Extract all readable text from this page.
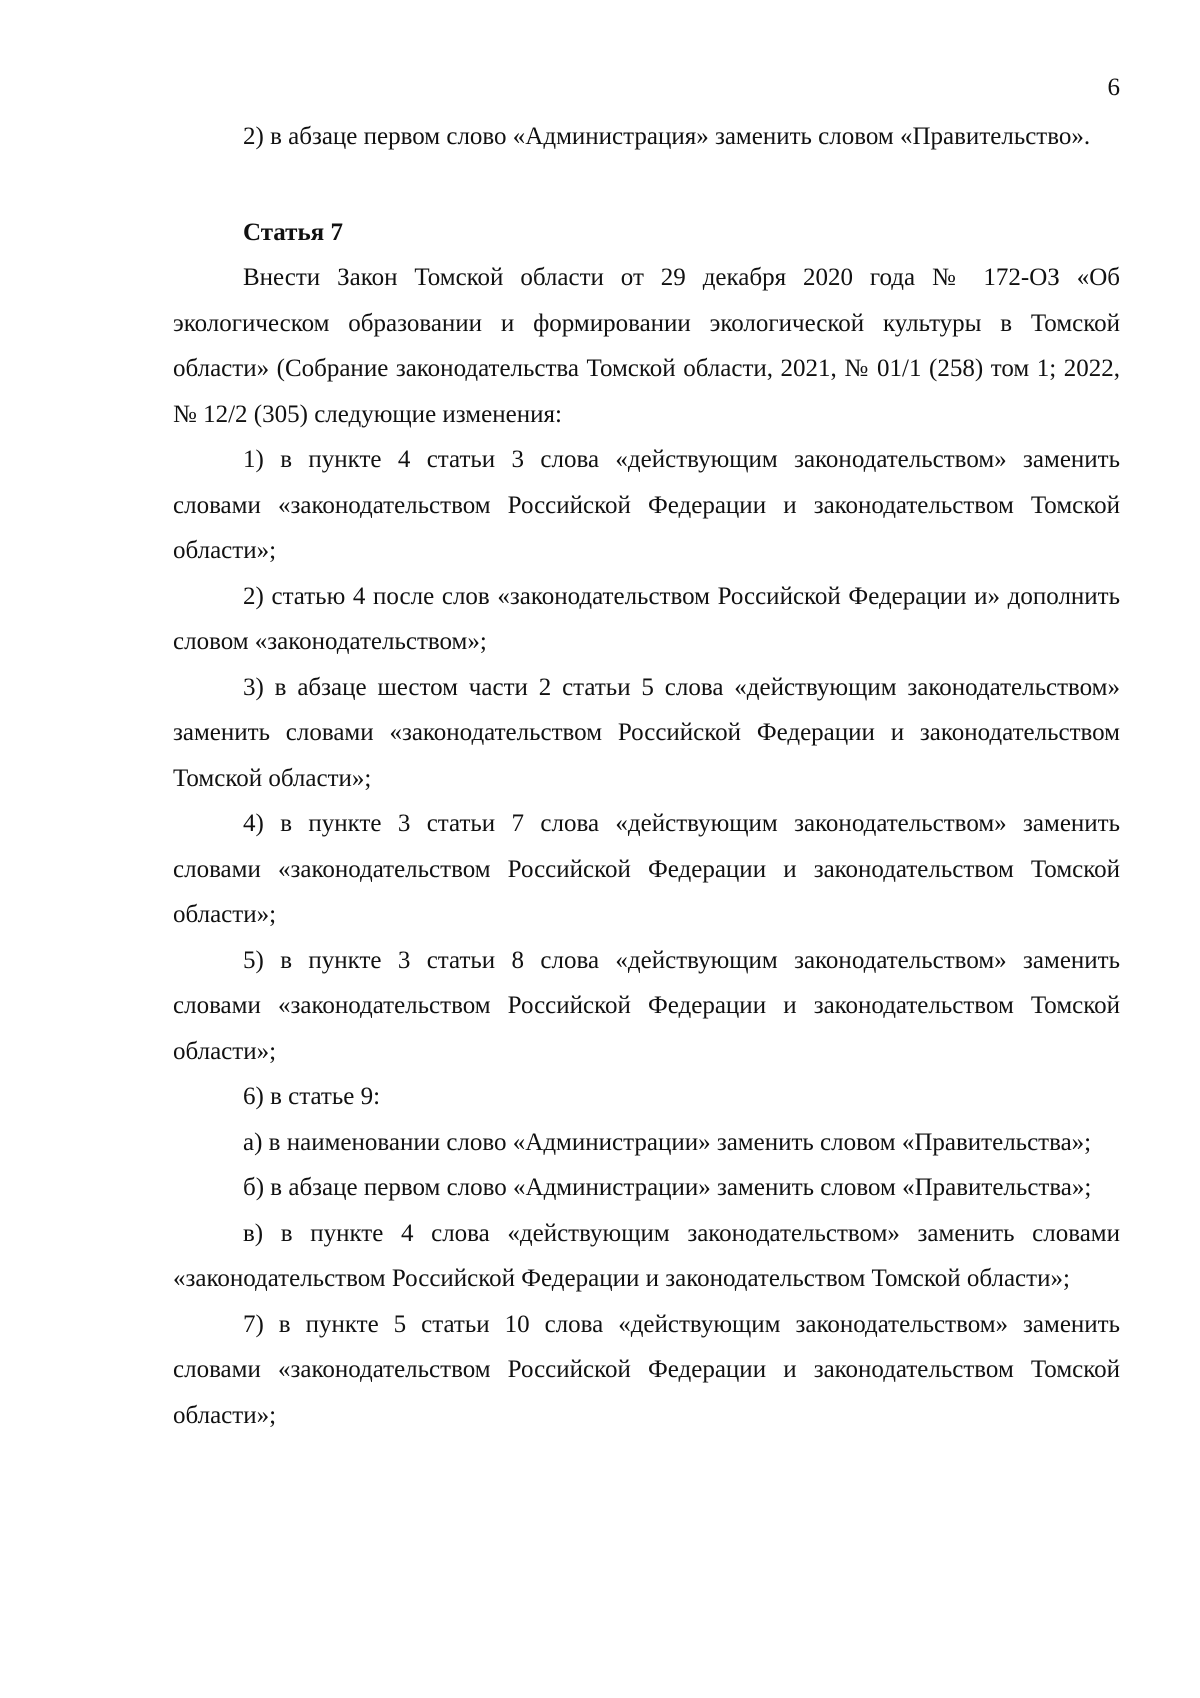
6

2) в абзаце первом слово «Администрация» заменить словом «Правительство».

Статья 7

Внести Закон Томской области от 29 декабря 2020 года № 172-ОЗ «Об экологическом образовании и формировании экологической культуры в Томской области» (Собрание законодательства Томской области, 2021, № 01/1 (258) том 1; 2022, № 12/2 (305) следующие изменения:

1) в пункте 4 статьи 3 слова «действующим законодательством» заменить словами «законодательством Российской Федерации и законодательством Томской области»;

2) статью 4 после слов «законодательством Российской Федерации и» дополнить словом «законодательством»;

3) в абзаце шестом части 2 статьи 5 слова «действующим законодательством» заменить словами «законодательством Российской Федерации и законодательством Томской области»;

4) в пункте 3 статьи 7 слова «действующим законодательством» заменить словами «законодательством Российской Федерации и законодательством Томской области»;

5) в пункте 3 статьи 8 слова «действующим законодательством» заменить словами «законодательством Российской Федерации и законодательством Томской области»;

6) в статье 9:

а) в наименовании слово «Администрации» заменить словом «Правительства»;

б) в абзаце первом слово «Администрации» заменить словом «Правительства»;

в) в пункте 4 слова «действующим законодательством» заменить словами «законодательством Российской Федерации и законодательством Томской области»;

7) в пункте 5 статьи 10 слова «действующим законодательством» заменить словами «законодательством Российской Федерации и законодательством Томской области»;
